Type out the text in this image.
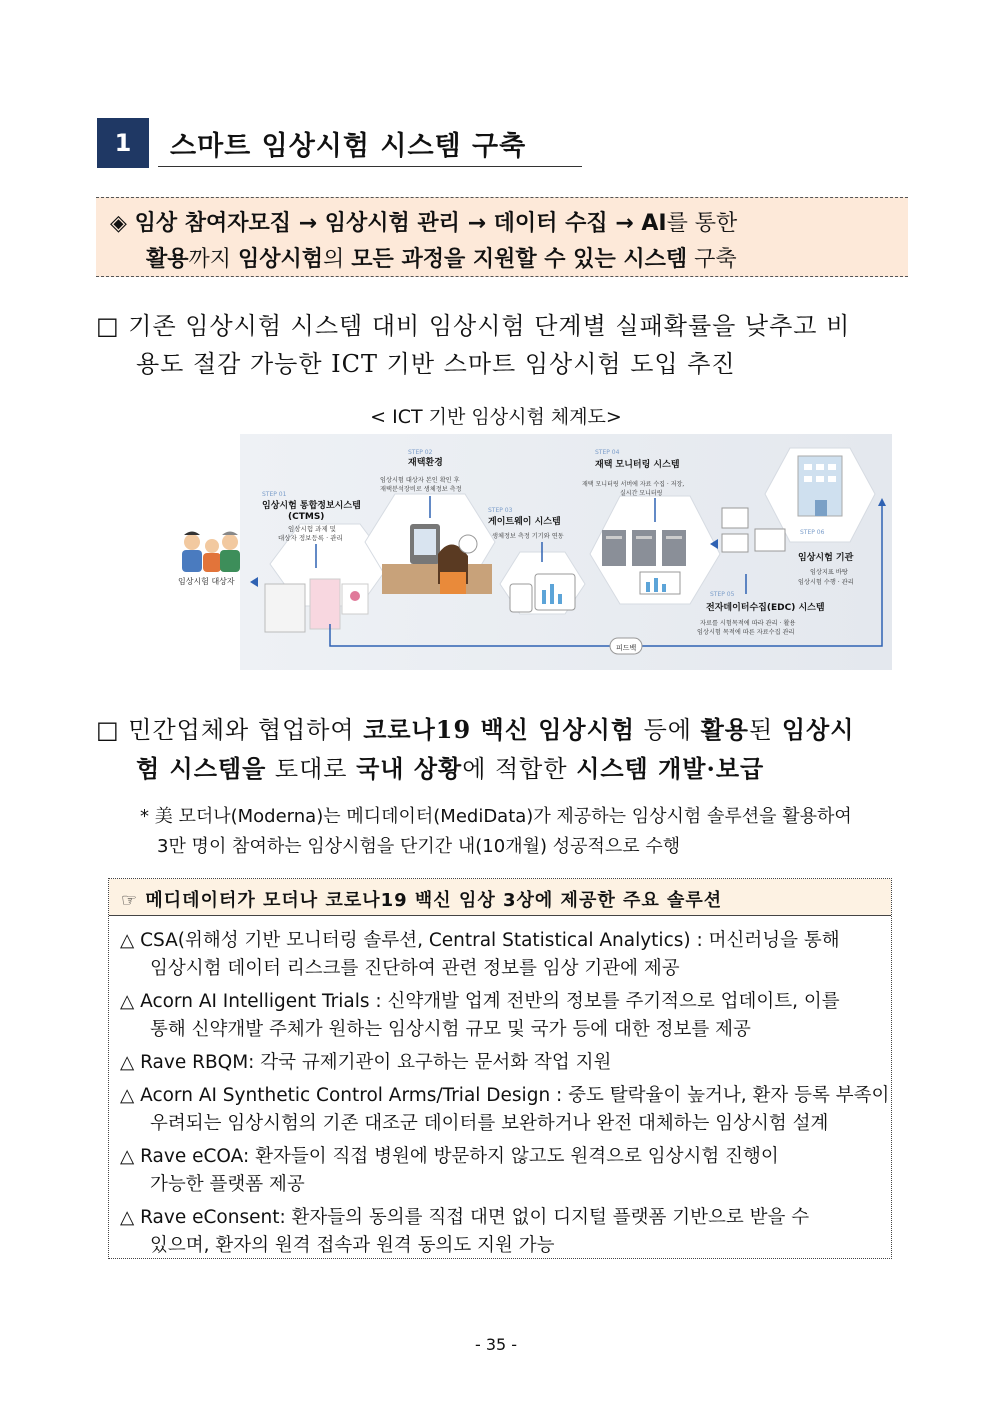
1	스마트 임상시험 시스템 구축
◈ 임상 참여자모집 → 임상시험 관리 → 데이터 수집 → AI를 통한
활용까지 임상시험의 모든 과정을 지원할 수 있는 시스템 구축
□ 기존 임상시험 시스템 대비 임상시험 단계별 실패확률을 낮추고 비
용도 절감 가능한 ICT 기반 스마트 임상시험 도입 추진
< ICT 기반 임상시험 체계도>
임상시험 대상자
STEP 01
임상시험 통합정보시스템
(CTMS)
임상시험 과제 및
대상자 정보등록 · 관리
STEP 02
재택환경
임상시험 대상자 본인 확인 후
재택분석장비로 생체정보 측정
STEP 03
게이트웨이 시스템
생체정보 측정 기기와 연동
STEP 04
재택 모니터링 시스템
재택 모니터링 서버에 자료 수집 · 저장,
실시간 모니터링
STEP 06
임상시험 기관
임상지표 바탕
임상시험 수행 · 관리
STEP 05
전자데이터수집(EDC) 시스템
자료를 시험목적에 따라 관리 · 활용
임상시험 목적에 따른 자료수집 관리
피드백
□ 민간업체와 협업하여 코로나19 백신 임상시험 등에 활용된 임상시
험 시스템을 토대로 국내 상황에 적합한 시스템 개발·보급
* 美 모더나(Moderna)는 메디데이터(MediData)가 제공하는 임상시험 솔루션을 활용하여
3만 명이 참여하는 임상시험을 단기간 내(10개월) 성공적으로 수행
☞ 메디데이터가 모더나 코로나19 백신 임상 3상에 제공한 주요 솔루션
△ CSA(위해성 기반 모니터링 솔루션, Central Statistical Analytics) : 머신러닝을 통해
임상시험 데이터 리스크를 진단하여 관련 정보를 임상 기관에 제공
△ Acorn AI Intelligent Trials : 신약개발 업계 전반의 정보를 주기적으로 업데이트, 이를
통해 신약개발 주체가 원하는 임상시험 규모 및 국가 등에 대한 정보를 제공
△ Rave RBQM: 각국 규제기관이 요구하는 문서화 작업 지원
△ Acorn AI Synthetic Control Arms/Trial Design : 중도 탈락율이 높거나, 환자 등록 부족이
우려되는 임상시험의 기존 대조군 데이터를 보완하거나 완전 대체하는 임상시험 설계
△ Rave eCOA: 환자들이 직접 병원에 방문하지 않고도 원격으로 임상시험 진행이
가능한 플랫폼 제공
△ Rave eConsent: 환자들의 동의를 직접 대면 없이 디지털 플랫폼 기반으로 받을 수
있으며, 환자의 원격 접속과 원격 동의도 지원 가능
- 35 -
